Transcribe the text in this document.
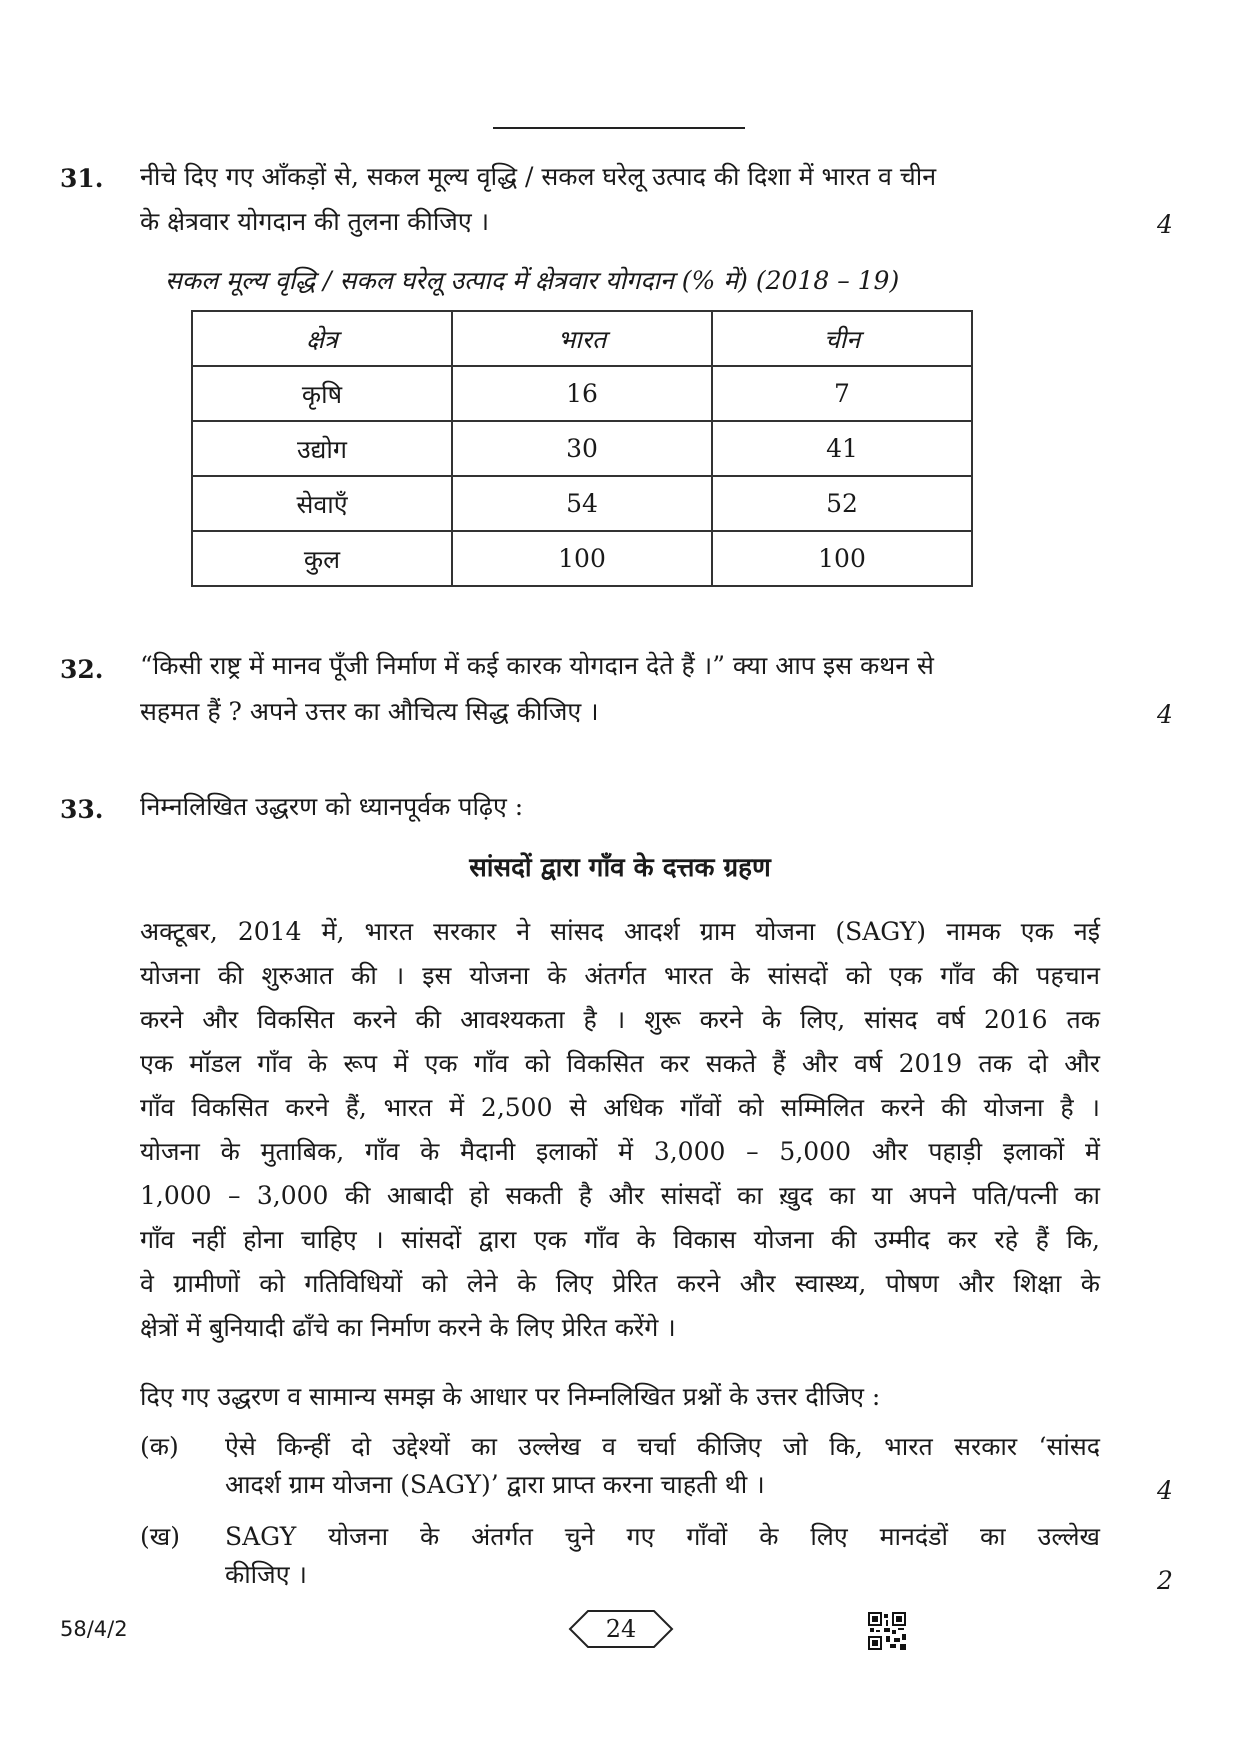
31. नीचे दिए गए आँकड़ों से, सकल मूल्य वृद्धि / सकल घरेलू उत्पाद की दिशा में भारत व चीन
के क्षेत्रवार योगदान की तुलना कीजिए ।	4
सकल मूल्य वृद्धि / सकल घरेलू उत्पाद में क्षेत्रवार योगदान (% में) (2018 – 19)
क्षेत्र	भारत	चीन
कृषि	16	7
उद्योग	30	41
सेवाएँ	54	52
कुल	100	100
32. “किसी राष्ट्र में मानव पूँजी निर्माण में कई कारक योगदान देते हैं ।” क्या आप इस कथन से
सहमत हैं ? अपने उत्तर का औचित्य सिद्ध कीजिए ।	4
33. निम्नलिखित उद्धरण को ध्यानपूर्वक पढ़िए :
सांसदों द्वारा गाँव के दत्तक ग्रहण
अक्टूबर, 2014 में, भारत सरकार ने सांसद आदर्श ग्राम योजना (SAGY) नामक एक नई
योजना की शुरुआत की । इस योजना के अंतर्गत भारत के सांसदों को एक गाँव की पहचान
करने और विकसित करने की आवश्यकता है । शुरू करने के लिए, सांसद वर्ष 2016 तक
एक मॉडल गाँव के रूप में एक गाँव को विकसित कर सकते हैं और वर्ष 2019 तक दो और
गाँव विकसित करने हैं, भारत में 2,500 से अधिक गाँवों को सम्मिलित करने की योजना है ।
योजना के मुताबिक, गाँव के मैदानी इलाकों में 3,000 – 5,000 और पहाड़ी इलाकों में
1,000 – 3,000 की आबादी हो सकती है और सांसदों का ख़ुद का या अपने पति/पत्नी का
गाँव नहीं होना चाहिए । सांसदों द्वारा एक गाँव के विकास योजना की उम्मीद कर रहे हैं कि,
वे ग्रामीणों को गतिविधियों को लेने के लिए प्रेरित करने और स्वास्थ्य, पोषण और शिक्षा के
क्षेत्रों में बुनियादी ढाँचे का निर्माण करने के लिए प्रेरित करेंगे ।
दिए गए उद्धरण व सामान्य समझ के आधार पर निम्नलिखित प्रश्नों के उत्तर दीजिए :
(क) ऐसे किन्हीं दो उद्देश्यों का उल्लेख व चर्चा कीजिए जो कि, भारत सरकार ‘सांसद
आदर्श ग्राम योजना (SAGY)’ द्वारा प्राप्त करना चाहती थी ।	4
(ख) SAGY योजना के अंतर्गत चुने गए गाँवों के लिए मानदंडों का उल्लेख
कीजिए ।	2
58/4/2	24
